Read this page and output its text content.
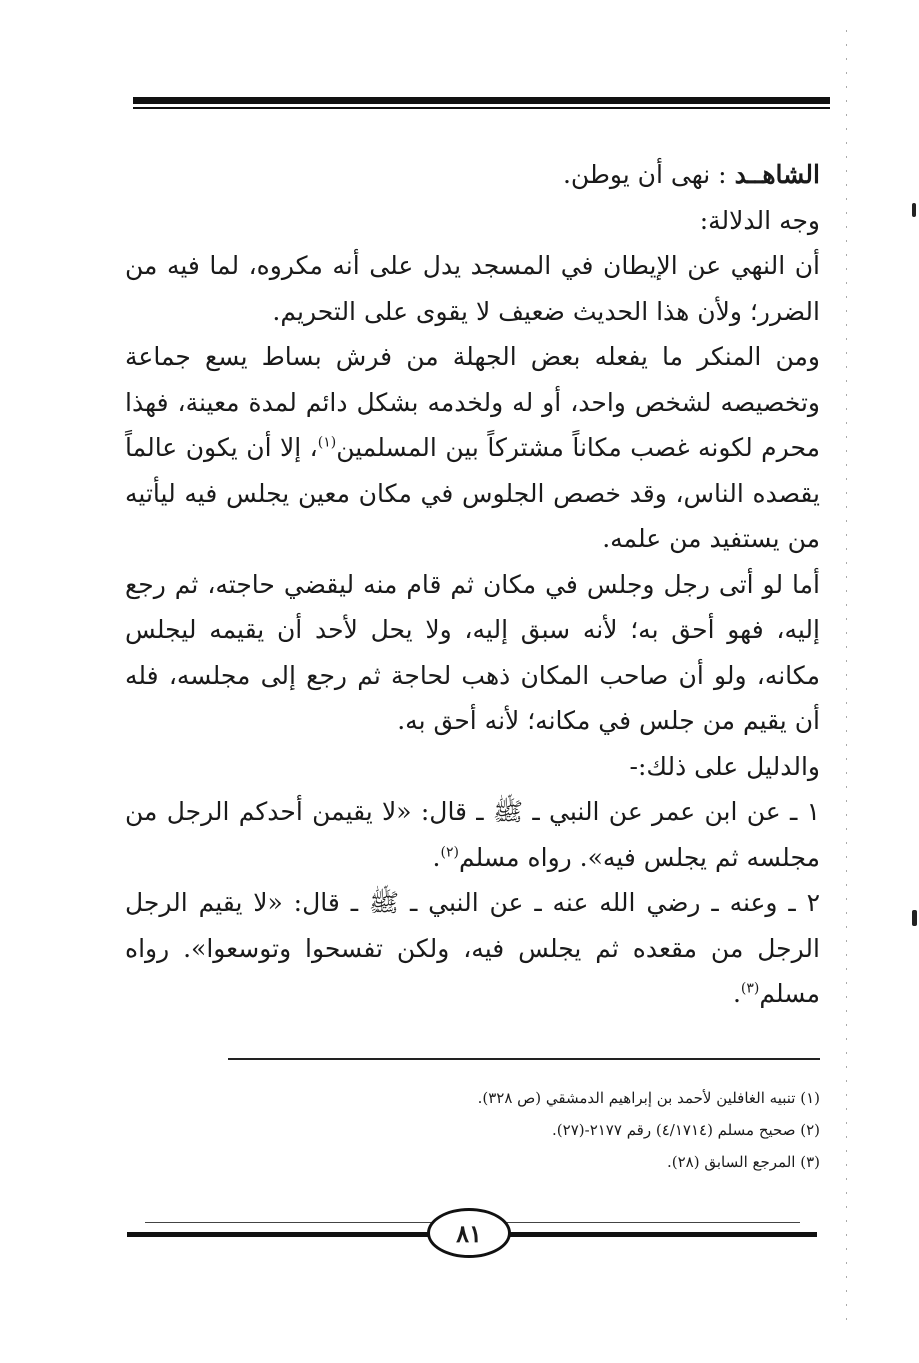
الشاهــد : نهى أن يوطن.

وجه الدلالة:

أن النهي عن الإيطان في المسجد يدل على أنه مكروه، لما فيه من الضرر؛ ولأن هذا الحديث ضعيف لا يقوى على التحريم.

ومن المنكر ما يفعله بعض الجهلة من فرش بساط يسع جماعة وتخصيصه لشخص واحد، أو له ولخدمه بشكل دائم لمدة معينة، فهذا محرم لكونه غصب مكاناً مشتركاً بين المسلمين$^{(١)}$، إلا أن يكون عالماً يقصده الناس، وقد خصص الجلوس في مكان معين يجلس فيه ليأتيه من يستفيد من علمه.

أما لو أتى رجل وجلس في مكان ثم قام منه ليقضي حاجته، ثم رجع إليه، فهو أحق به؛ لأنه سبق إليه، ولا يحل لأحد أن يقيمه ليجلس مكانه، ولو أن صاحب المكان ذهب لحاجة ثم رجع إلى مجلسه، فله أن يقيم من جلس في مكانه؛ لأنه أحق به.

والدليل على ذلك:-

١ ـ عن ابن عمر عن النبي ـ ﷺ ـ قال: «لا يقيمن أحدكم الرجل من مجلسه ثم يجلس فيه». رواه مسلم$^{(٢)}$.

٢ ـ وعنه ـ رضي الله عنه ـ عن النبي ـ ﷺ ـ قال: «لا يقيم الرجل الرجل من مقعده ثم يجلس فيه، ولكن تفسحوا وتوسعوا». رواه مسلم$^{(٣)}$.

(١) تنبيه الغافلين لأحمد بن إبراهيم الدمشقي (ص ٣٢٨).

(٢) صحيح مسلم (٤/١٧١٤) رقم ٢١٧٧-(٢٧).

(٣) المرجع السابق (٢٨).

٨١
